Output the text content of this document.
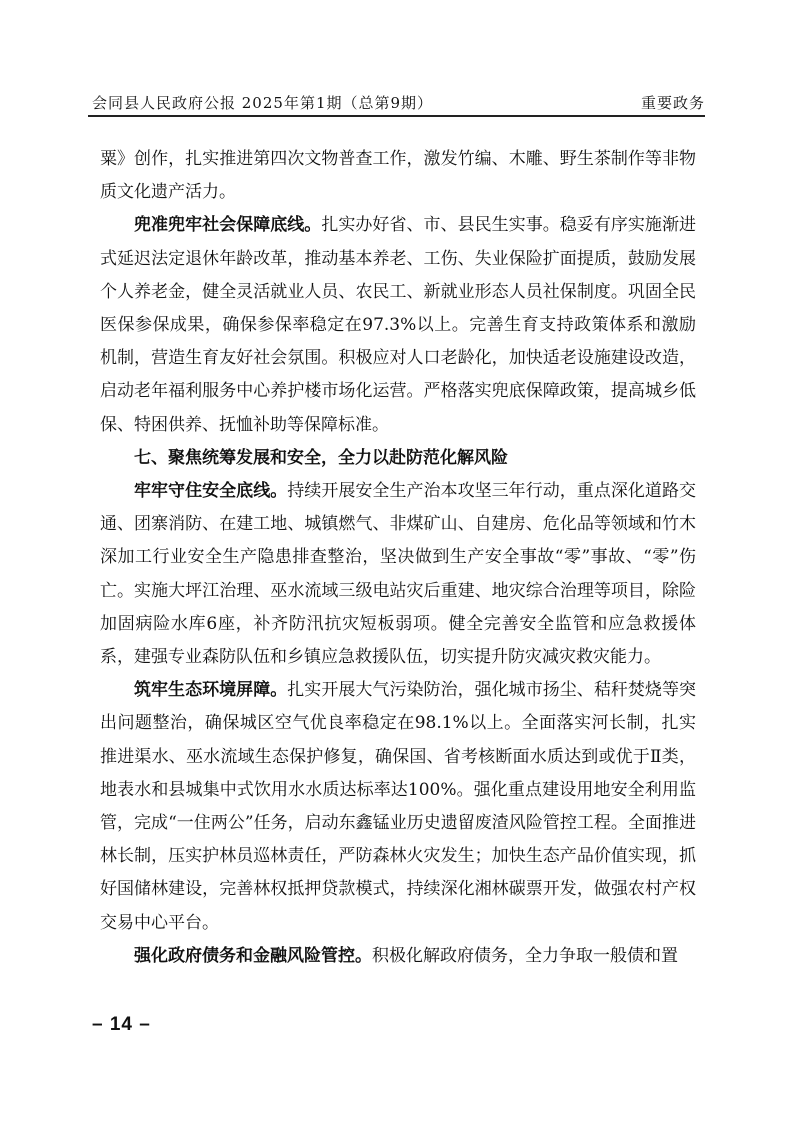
会同县人民政府公报 2025年第1期（总第9期）	重要政务

粟》创作，扎实推进第四次文物普查工作，激发竹编、木雕、野生茶制作等非物质文化遗产活力。

兜准兜牢社会保障底线。扎实办好省、市、县民生实事。稳妥有序实施渐进式延迟法定退休年龄改革，推动基本养老、工伤、失业保险扩面提质，鼓励发展个人养老金，健全灵活就业人员、农民工、新就业形态人员社保制度。巩固全民医保参保成果，确保参保率稳定在97.3%以上。完善生育支持政策体系和激励机制，营造生育友好社会氛围。积极应对人口老龄化，加快适老设施建设改造，启动老年福利服务中心养护楼市场化运营。严格落实兜底保障政策，提高城乡低保、特困供养、抚恤补助等保障标准。

七、聚焦统筹发展和安全，全力以赴防范化解风险

牢牢守住安全底线。持续开展安全生产治本攻坚三年行动，重点深化道路交通、团寨消防、在建工地、城镇燃气、非煤矿山、自建房、危化品等领域和竹木深加工行业安全生产隐患排查整治，坚决做到生产安全事故“零”事故、“零”伤亡。实施大坪江治理、巫水流域三级电站灾后重建、地灾综合治理等项目，除险加固病险水库6座，补齐防汛抗灾短板弱项。健全完善安全监管和应急救援体系，建强专业森防队伍和乡镇应急救援队伍，切实提升防灾减灾救灾能力。

筑牢生态环境屏障。扎实开展大气污染防治，强化城市扬尘、秸秆焚烧等突出问题整治，确保城区空气优良率稳定在98.1%以上。全面落实河长制，扎实推进渠水、巫水流域生态保护修复，确保国、省考核断面水质达到或优于Ⅱ类，地表水和县城集中式饮用水水质达标率达100%。强化重点建设用地安全利用监管，完成“一住两公”任务，启动东鑫锰业历史遗留废渣风险管控工程。全面推进林长制，压实护林员巡林责任，严防森林火灾发生；加快生态产品价值实现，抓好国储林建设，完善林权抵押贷款模式，持续深化湘林碳票开发，做强农村产权交易中心平台。

强化政府债务和金融风险管控。积极化解政府债务，全力争取一般债和置

– 14 –
